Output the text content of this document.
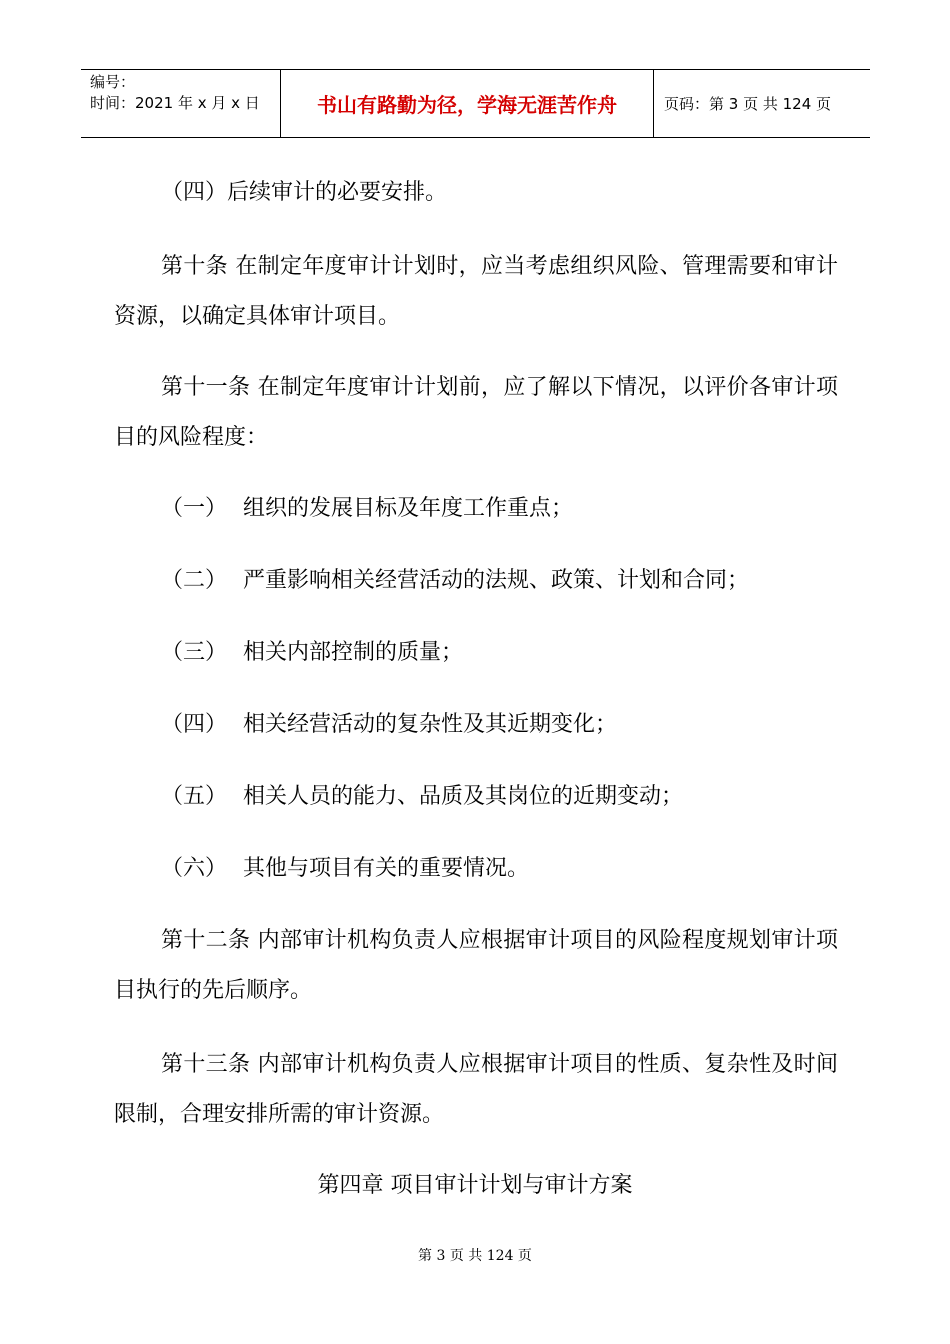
编号：
时间：2021 年 x 月 x 日	书山有路勤为径，学海无涯苦作舟	页码：第 3 页 共 124 页
（四）后续审计的必要安排。
第十条 在制定年度审计计划时，应当考虑组织风险、管理需要和审计资源，以确定具体审计项目。
第十一条 在制定年度审计计划前，应了解以下情况，以评价各审计项目的风险程度：
（一） 组织的发展目标及年度工作重点；
（二） 严重影响相关经营活动的法规、政策、计划和合同；
（三） 相关内部控制的质量；
（四） 相关经营活动的复杂性及其近期变化；
（五） 相关人员的能力、品质及其岗位的近期变动；
（六） 其他与项目有关的重要情况。
第十二条 内部审计机构负责人应根据审计项目的风险程度规划审计项目执行的先后顺序。
第十三条 内部审计机构负责人应根据审计项目的性质、复杂性及时间限制，合理安排所需的审计资源。
第四章 项目审计计划与审计方案
第 3 页 共 124 页
